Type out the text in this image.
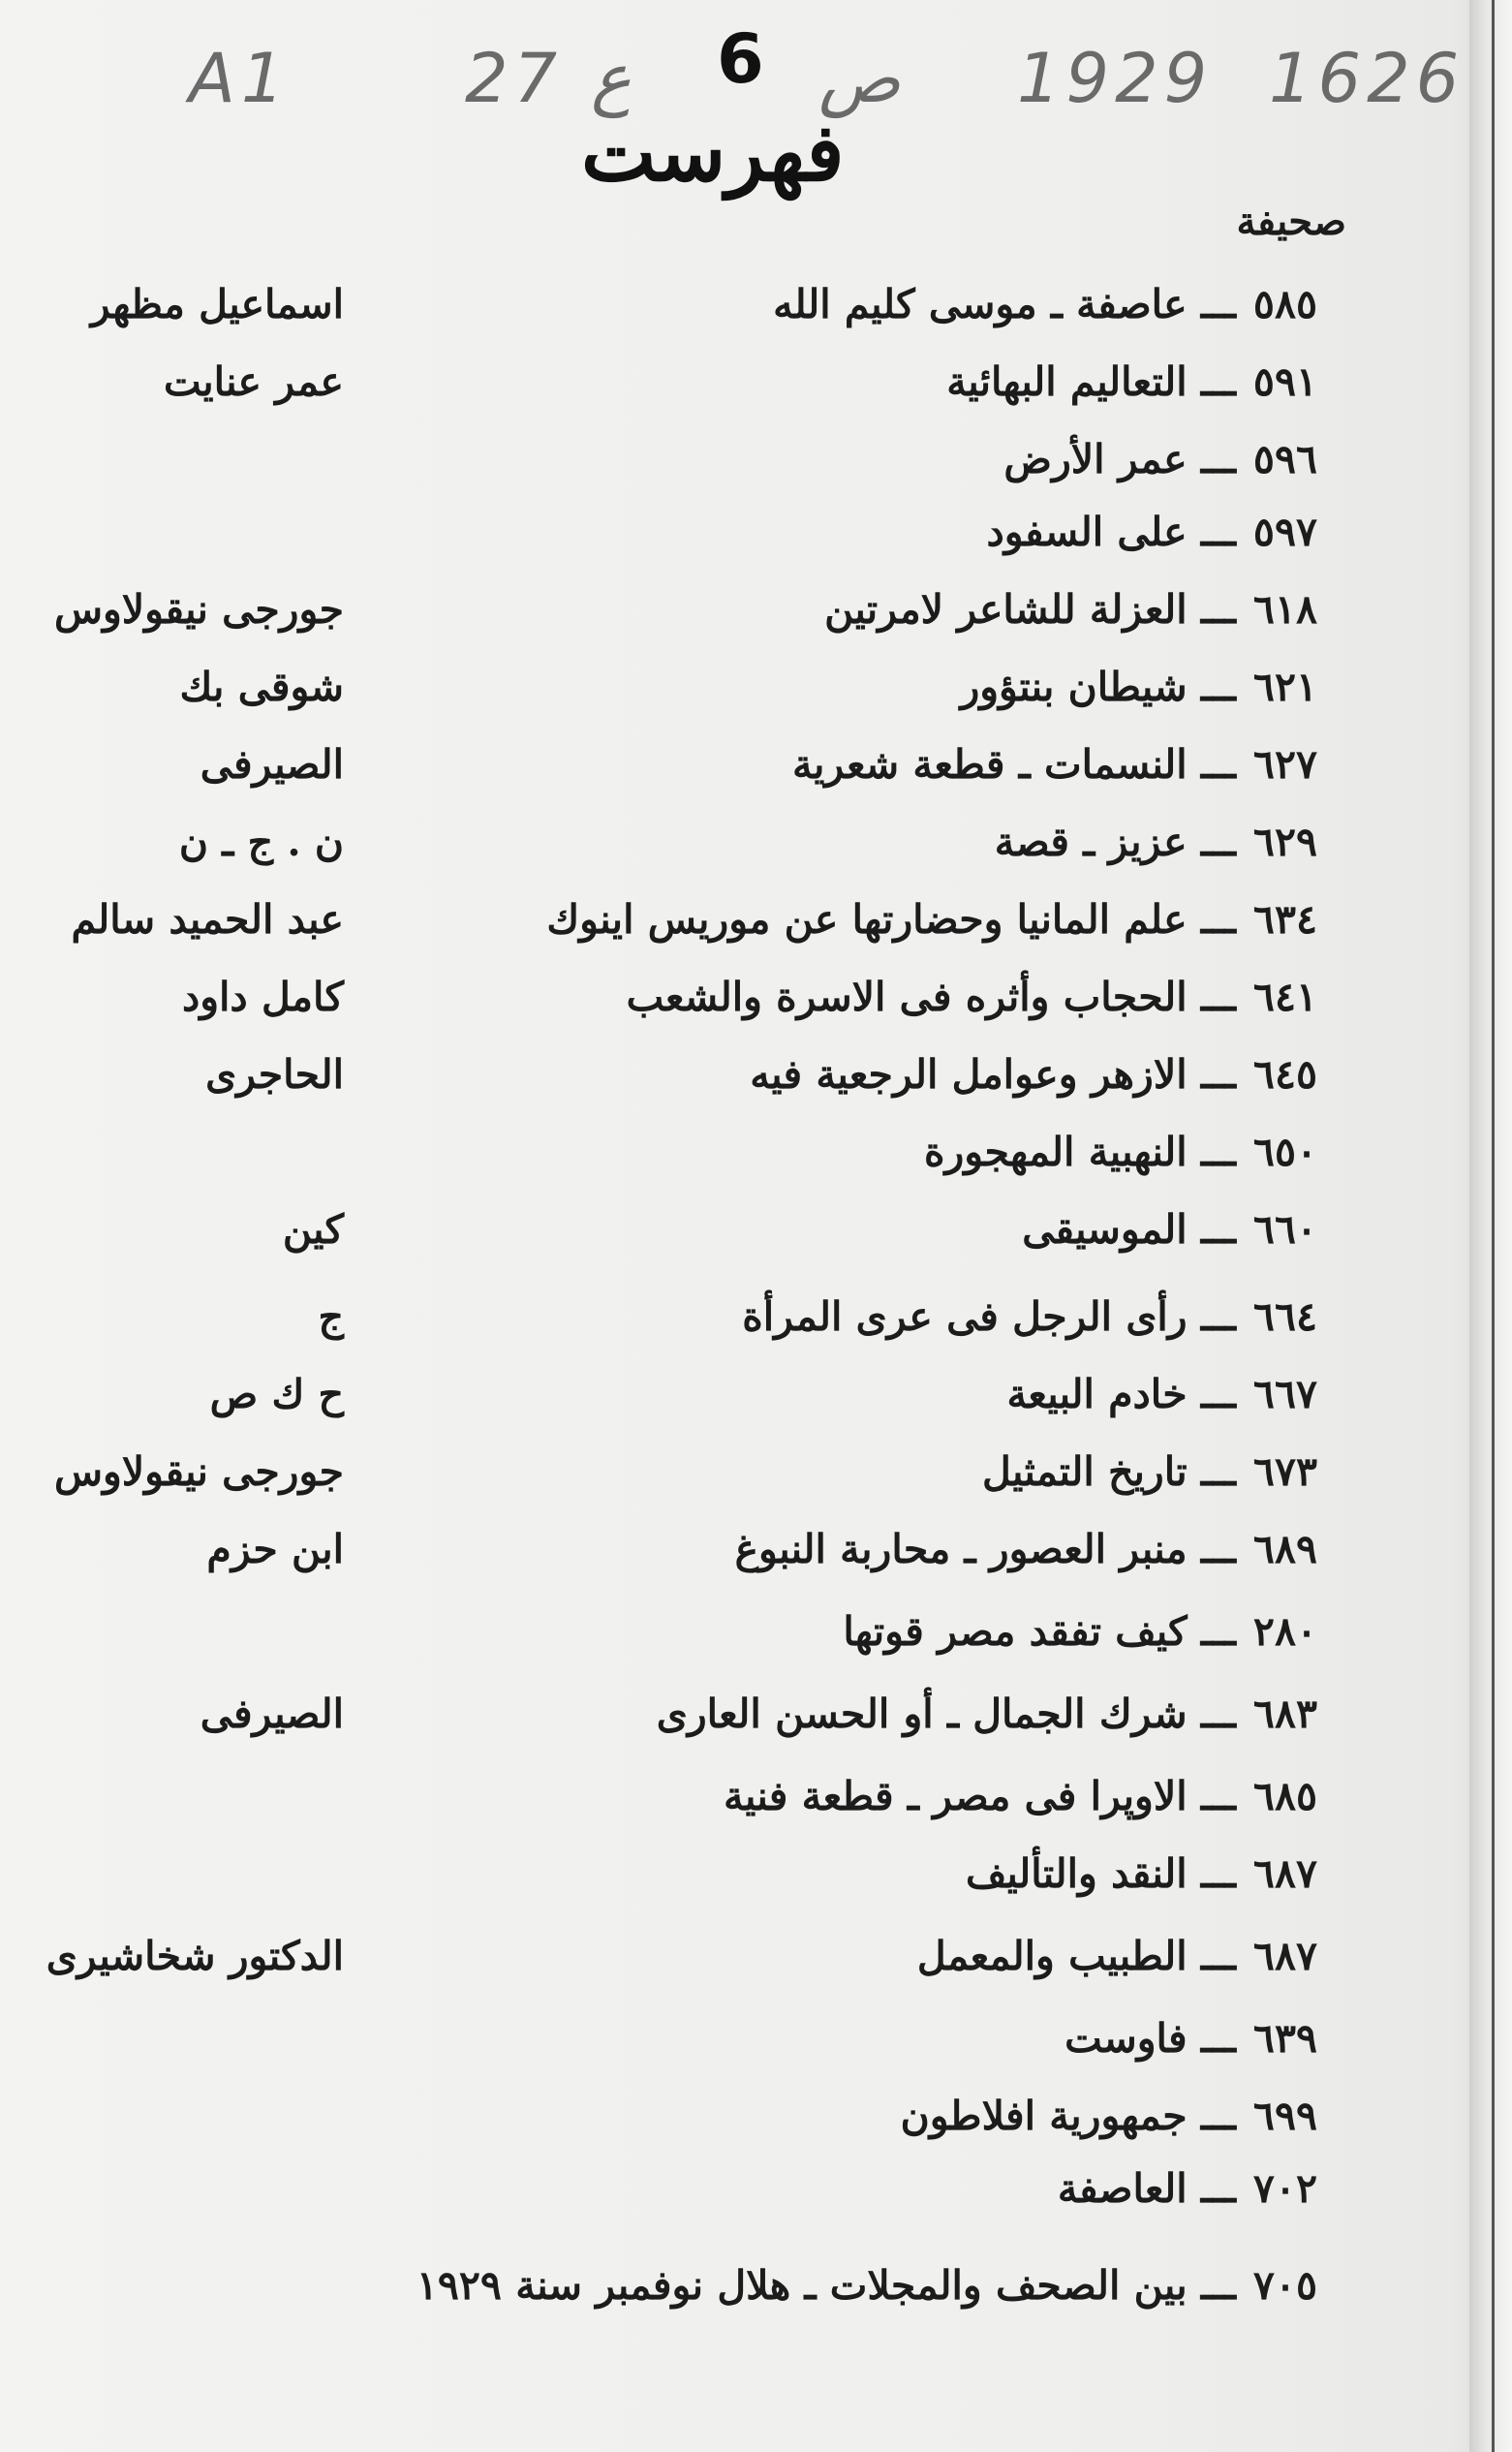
A1	27 ع 6 ص 1929 1626
فهرست
صحيفة
٥٨٥ـــ عاصفة ـ موسى كليم الله
اسماعيل مظهر
٥٩١ـــ التعاليم البهائية
عمر عنايت
٥٩٦ـــ عمر الأرض
٥٩٧ـــ على السفود
٦١٨ـــ العزلة للشاعر لامرتين
جورجى نيقولاوس
٦٢١ـــ شيطان بنتؤور
شوقى بك
٦٢٧ـــ النسمات ـ قطعة شعرية
الصيرفى
٦٢٩ـــ عزيز ـ قصة
ن . ج ـ ن
٦٣٤ـــ علم المانيا وحضارتها عن موريس اينوك
عبد الحميد سالم
٦٤١ـــ الحجاب وأثره فى الاسرة والشعب
كامل داود
٦٤٥ـــ الازهر وعوامل الرجعية فيه
الحاجرى
٦٥٠ـــ النهبية المهجورة
٦٦٠ـــ الموسيقى
كين
٦٦٤ـــ رأى الرجل فى عرى المرأة
ج
٦٦٧ـــ خادم البيعة
ح ك ص
٦٧٣ـــ تاريخ التمثيل
جورجى نيقولاوس
٦٨٩ـــ منبر العصور ـ محاربة النبوغ
ابن حزم
٢٨٠ـــ كيف تفقد مصر قوتها
٦٨٣ـــ شرك الجمال ـ أو الحسن العارى
الصيرفى
٦٨٥ـــ الاوپرا فى مصر ـ قطعة فنية
٦٨٧ـــ النقد والتأليف
٦٨٧ـــ الطبيب والمعمل
الدكتور شخاشيرى
٦٣٩ـــ فاوست
٦٩٩ـــ جمهورية افلاطون
٧٠٢ـــ العاصفة
٧٠٥ـــ بين الصحف والمجلات ـ هلال نوفمبر سنة ١٩٢٩
